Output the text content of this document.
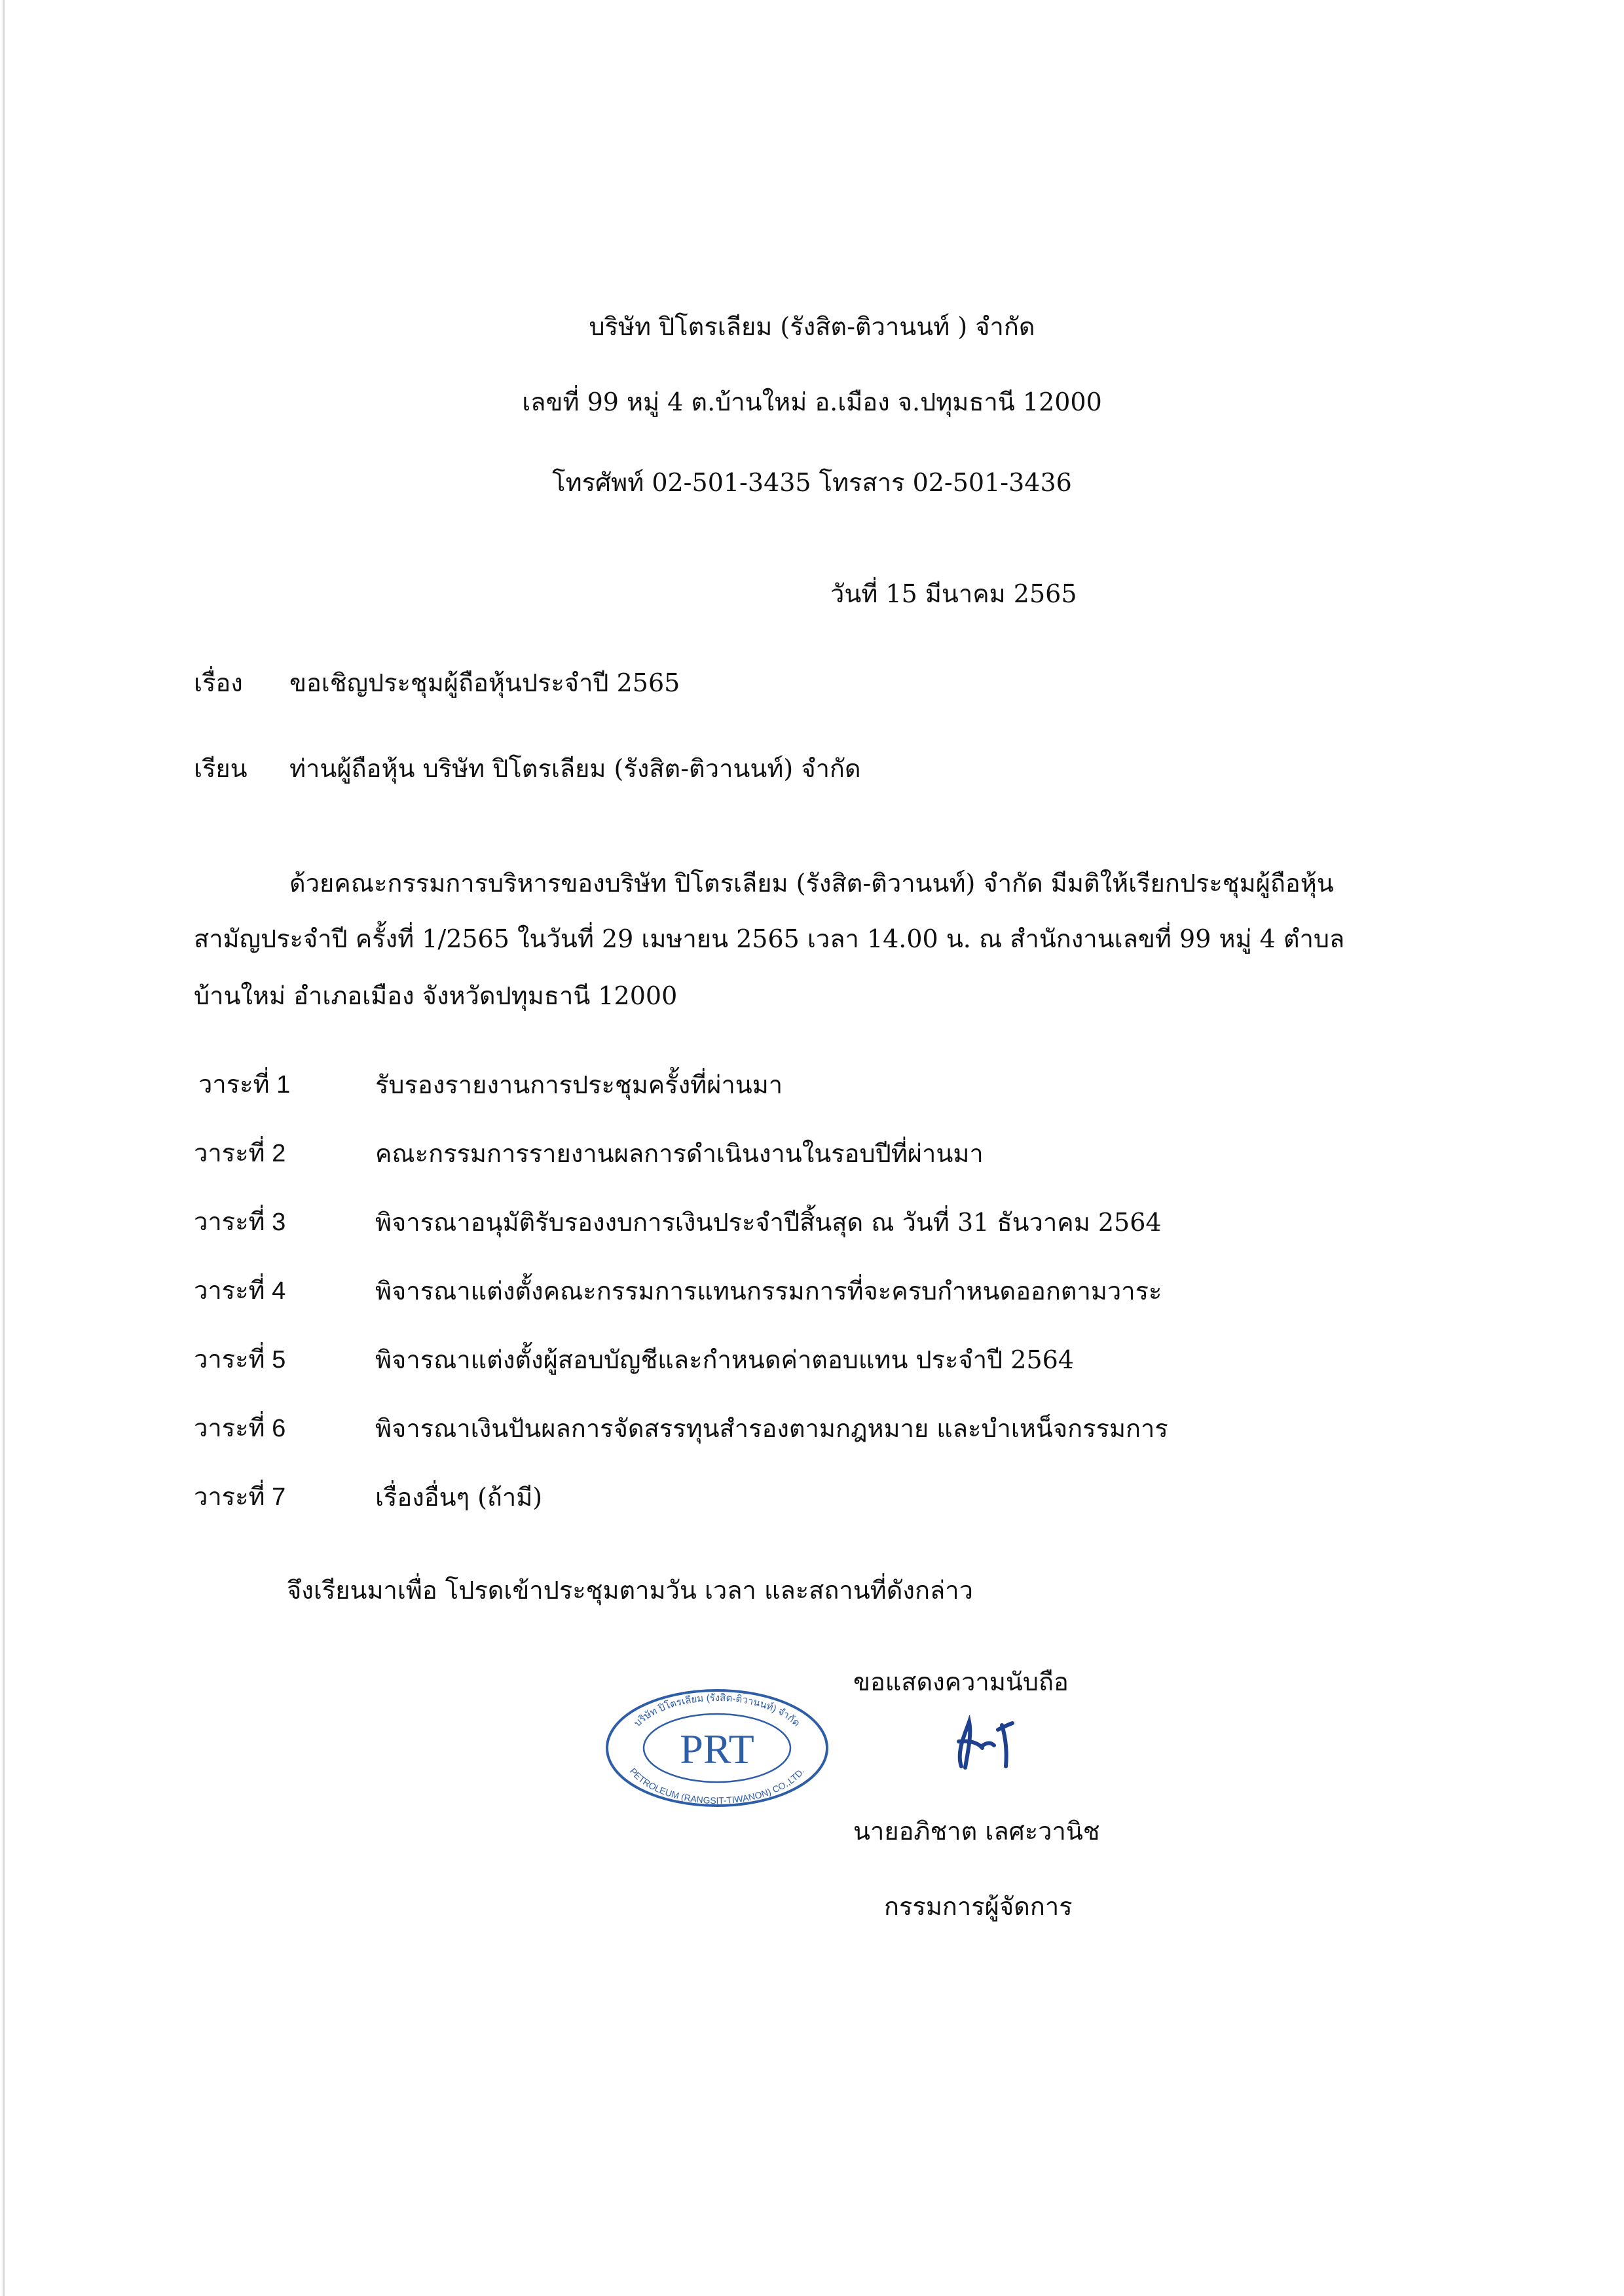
บริษัท ปิโตรเลียม (รังสิต-ติวานนท์ ) จำกัด
เลขที่ 99 หมู่ 4 ต.บ้านใหม่ อ.เมือง จ.ปทุมธานี 12000
โทรศัพท์ 02-501-3435 โทรสาร 02-501-3436
วันที่ 15 มีนาคม 2565
เรื่อง ขอเชิญประชุมผู้ถือหุ้นประจำปี 2565
เรียน ท่านผู้ถือหุ้น บริษัท ปิโตรเลียม (รังสิต-ติวานนท์) จำกัด
ด้วยคณะกรรมการบริหารของบริษัท ปิโตรเลียม (รังสิต-ติวานนท์) จำกัด มีมติให้เรียกประชุมผู้ถือหุ้น
สามัญประจำปี ครั้งที่ 1/2565 ในวันที่ 29 เมษายน 2565 เวลา 14.00 น. ณ สำนักงานเลขที่ 99 หมู่ 4 ตำบล
บ้านใหม่ อำเภอเมือง จังหวัดปทุมธานี 12000
วาระที่ 1	รับรองรายงานการประชุมครั้งที่ผ่านมา
วาระที่ 2	คณะกรรมการรายงานผลการดำเนินงานในรอบปีที่ผ่านมา
วาระที่ 3	พิจารณาอนุมัติรับรองงบการเงินประจำปีสิ้นสุด ณ วันที่ 31 ธันวาคม 2564
วาระที่ 4	พิจารณาแต่งตั้งคณะกรรมการแทนกรรมการที่จะครบกำหนดออกตามวาระ
วาระที่ 5	พิจารณาแต่งตั้งผู้สอบบัญชีและกำหนดค่าตอบแทน ประจำปี 2564
วาระที่ 6	พิจารณาเงินปันผลการจัดสรรทุนสำรองตามกฎหมาย และบำเหน็จกรรมการ
วาระที่ 7	เรื่องอื่นๆ (ถ้ามี)
จึงเรียนมาเพื่อ โปรดเข้าประชุมตามวัน เวลา และสถานที่ดังกล่าว
ขอแสดงความนับถือ
บริษัท ปิโตรเลียม (รังสิต-ติวานนท์) จำกัด
PETROLEUM (RANGSIT-TIWANON) CO.,LTD.
PRT
นายอภิชาต เลศะวานิช
กรรมการผู้จัดการ
